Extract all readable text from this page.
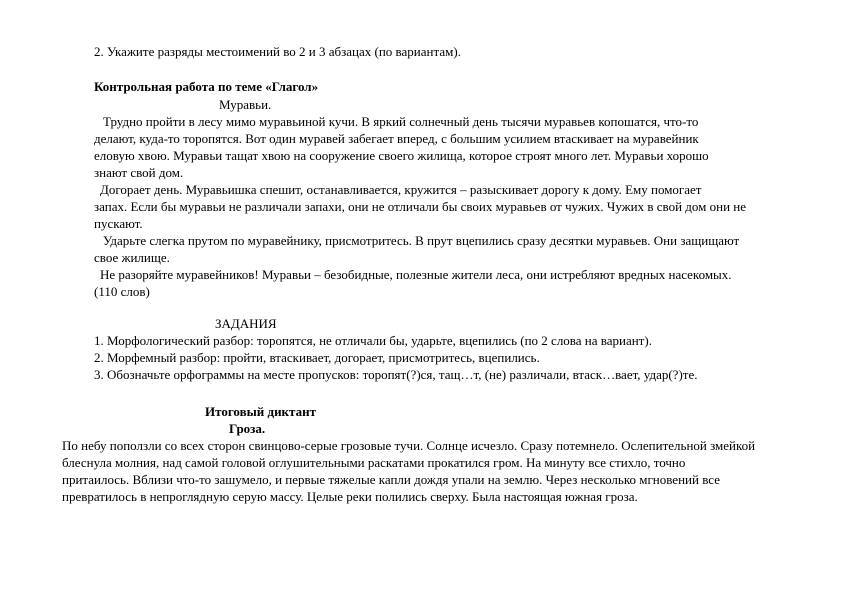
2. Укажите разряды местоимений во 2 и 3 абзацах (по вариантам).
Контрольная работа по теме «Глагол»
Муравьи.
Трудно пройти в лесу мимо муравьиной кучи. В яркий солнечный день тысячи муравьев копошатся, что-то
делают, куда-то торопятся. Вот один муравей забегает вперед, с большим усилием втаскивает на муравейник
еловую хвою. Муравьи тащат хвою на сооружение своего жилища, которое строят много лет. Муравьи хорошо
знают свой дом.
Догорает день. Муравьишка спешит, останавливается, кружится – разыскивает дорогу к дому. Ему помогает
запах. Если бы муравьи не различали запахи, они не отличали бы своих муравьев от чужих. Чужих в свой дом они не
пускают.
Ударьте слегка прутом по муравейнику, присмотритесь. В прут вцепились сразу десятки муравьев. Они защищают
свое жилище.
Не разоряйте муравейников! Муравьи – безобидные, полезные жители леса, они истребляют вредных насекомых.
(110 слов)
ЗАДАНИЯ
1. Морфологический разбор: торопятся, не отличали бы, ударьте, вцепились (по 2 слова на вариант).
2. Морфемный разбор: пройти, втаскивает, догорает, присмотритесь, вцепились.
3. Обозначьте орфограммы на месте пропусков: торопят(?)ся, тащ…т, (не) различали, втаск…вает, удар(?)те.
Итоговый диктант
Гроза.
По небу поползли со всех сторон свинцово-серые грозовые тучи. Солнце исчезло. Сразу потемнело. Ослепительной змейкой
блеснула молния, над самой головой оглушительными раскатами прокатился гром. На минуту все стихло, точно
притаилось. Вблизи что-то зашумело, и первые тяжелые капли дождя упали на землю. Через несколько мгновений все
превратилось в непроглядную серую массу. Целые реки полились сверху. Была настоящая южная гроза.
